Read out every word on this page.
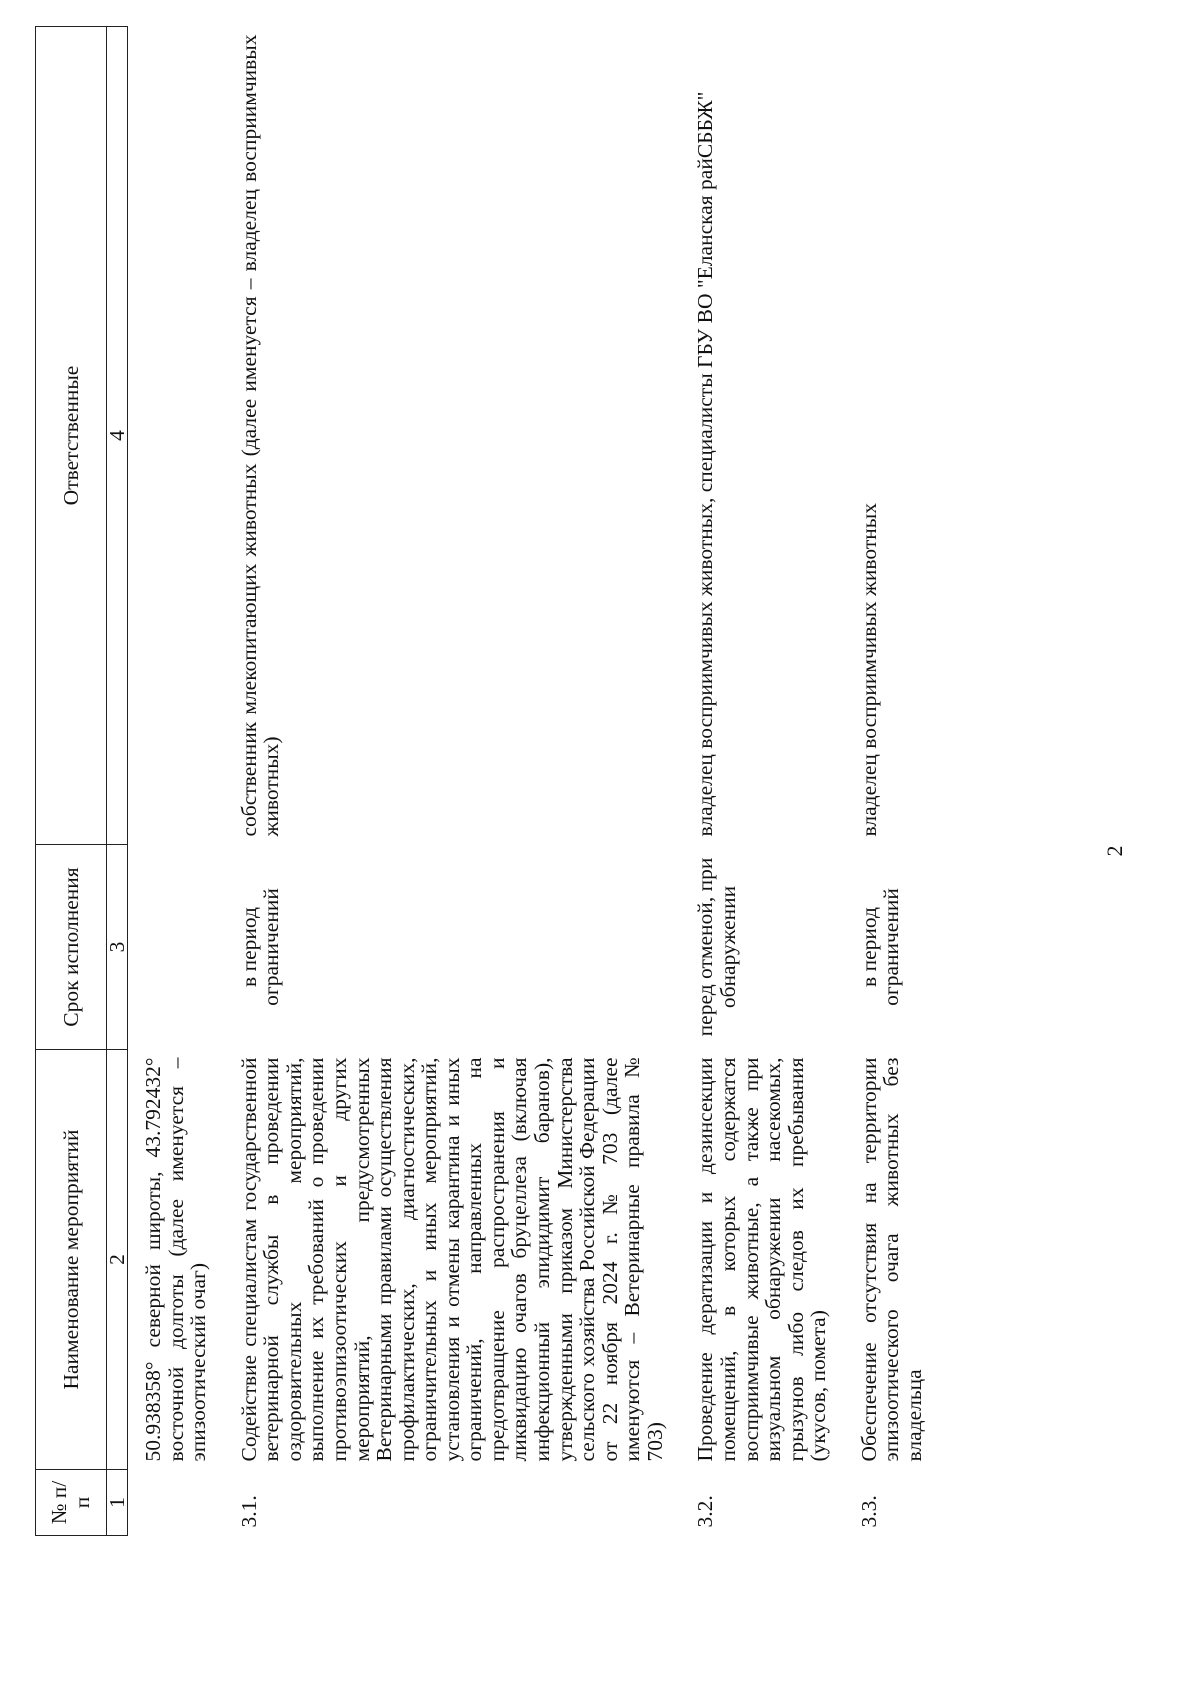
2
№ п/п	Наименование мероприятий	Срок исполнения	Ответственные
1	2	3	4
	50.938358° северной широты, 43.792432° восточной долготы (далее именуется – эпизоотический очаг)		
3.1.	Содействие специалистам государственной ветеринарной службы в проведении оздоровительных мероприятий, выполнение их требований о проведении противоэпизоотических и других мероприятий, предусмотренных Ветеринарными правилами осуществления профилактических, диагностических, ограничительных и иных мероприятий, установления и отмены карантина и иных ограничений, направленных на предотвращение распространения и ликвидацию очагов бруцеллеза (включая инфекционный эпидидимит баранов), утвержденными приказом Министерства сельского хозяйства Российской Федерации от 22 ноября 2024 г. № 703 (далее именуются – Ветеринарные правила № 703)	в период ограничений	собственник млекопитающих животных (далее именуется – владелец восприимчивых животных)
3.2.	Проведение дератизации и дезинсекции помещений, в которых содержатся восприимчивые животные, а также при визуальном обнаружении насекомых, грызунов либо следов их пребывания (укусов, помета)	перед отменой, при обнаружении	владелец восприимчивых животных, специалисты ГБУ ВО "Еланская райСББЖ"
3.3.	Обеспечение отсутствия на территории эпизоотического очага животных без владельца	в период ограничений	владелец восприимчивых животных
